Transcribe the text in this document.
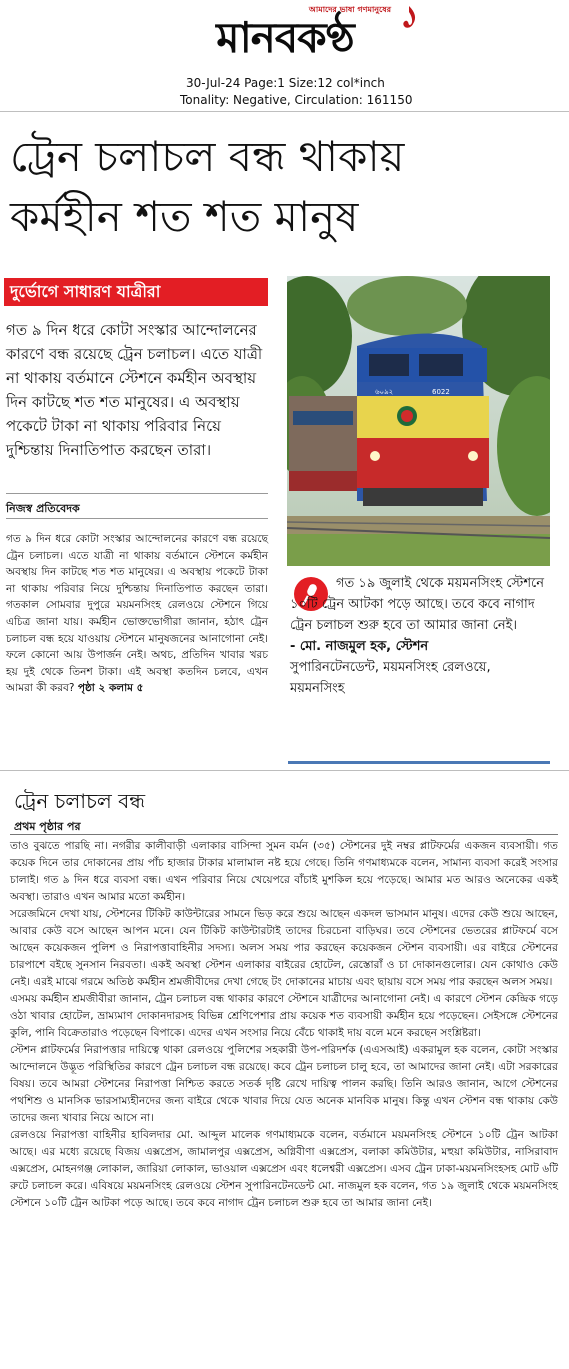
আমাদের ভাষা গণমানুষের
মানবকণ্ঠ
30-Jul-24 Page:1 Size:12 col*inch
Tonality: Negative, Circulation: 161150
ট্রেন চলাচল বন্ধ থাকায়
কর্মহীন শত শত মানুষ
দুর্ভোগে সাধারণ যাত্রীরা
গত ৯ দিন ধরে কোটা সংস্কার আন্দোলনের কারণে বন্ধ রয়েছে ট্রেন চলাচল। এতে যাত্রী না থাকায় বর্তমানে স্টেশনে কর্মহীন অবস্থায় দিন কাটছে শত শত মানুষের। এ অবস্থায় পকেটে টাকা না থাকায় পরিবার নিয়ে দুশ্চিন্তায় দিনাতিপাত করছেন তারা।
নিজস্ব প্রতিবেদক
গত ৯ দিন ধরে কোটা সংস্কার আন্দোলনের কারণে বন্ধ রয়েছে ট্রেন চলাচল। এতে যাত্রী না থাকায় বর্তমানে স্টেশনে কর্মহীন অবস্থায় দিন কাটছে শত শত মানুষের। এ অবস্থায় পকেটে টাকা না থাকায় পরিবার নিয়ে দুশ্চিন্তায় দিনাতিপাত করছেন তারা। গতকাল সোমবার দুপুরে ময়মনসিংহ রেলওয়ে স্টেশনে গিয়ে এচিত্র জানা যায়। কর্মহীন ভোক্তভোগীরা জানান, হঠাৎ ট্রেন চলাচল বন্ধ হয়ে যাওয়ায় স্টেশনে মানুষজনের আনাগোনা নেই। ফলে কোনো আয় উপার্জন নেই। অথচ, প্রতিদিন খাবার খরচ হয় দুই থেকে তিনশ টাকা। এই অবস্থা কতদিন চলবে, এখন আমরা কী করব? পৃষ্ঠা ২ কলাম ৫
৬০৯২	6022
গত ১৯ জুলাই থেকে ময়মনসিংহ স্টেশনে ১০টি ট্রেন আটকা পড়ে আছে। তবে কবে নাগাদ ট্রেন চলাচল শুরু হবে তা আমার জানা নেই।
- মো. নাজমুল হক, স্টেশন
সুপারিনটেনডেন্ট, ময়মনসিংহ রেলওয়ে, ময়মনসিংহ
ট্রেন চলাচল বন্ধ
প্রথম পৃষ্ঠার পর

তাও বুঝতে পারছি না। নগরীর কালীবাড়ী এলাকার বাসিন্দা সুমন বর্মন (৩৫) স্টেশনের দুই নম্বর প্লাটফর্মের একজন ব্যবসায়ী। গত কয়েক দিনে তার দোকানের প্রায় পাঁচ হাজার টাকার মালামাল নষ্ট হয়ে গেছে। তিনি গণমাধ্যমকে বলেন, সামান্য ব্যবসা করেই সংসার চালাই। গত ৯ দিন ধরে ব্যবসা বন্ধ। এখন পরিবার নিয়ে খেয়েপরে বাঁচাই মুশকিল হয়ে পড়েছে। আমার মত আরও অনেকের একই অবস্থা। তারাও এখন আমার মতো কর্মহীন।

সরেজমিনে দেখা যায়, স্টেশনের টিকিট কাউন্টারের সামনে ভিড় করে শুয়ে আছেন একদল ভাসমান মানুষ। এদের কেউ শুয়ে আছেন, আবার কেউ বসে আছেন আপন মনে। যেন টিকিট কাউন্টারটাই তাদের চিরচেনা বাড়িঘর। তবে স্টেশনের ভেতরের প্লাটফর্মে বসে আছেন কয়েকজন পুলিশ ও নিরাপত্তাবাহিনীর সদস্য। অলস সময় পার করছেন কয়েকজন স্টেশন ব্যবসায়ী। এর বাইরে স্টেশনের চারপাশে বইছে সুনসান নিরবতা। একই অবস্থা স্টেশন এলাকার বাইরের হোটেল, রেস্তোরাঁ ও চা দোকানগুলোর। যেন কোথাও কেউ নেই। এরই মাঝে গরমে অতিষ্ঠ কর্মহীন শ্রমজীবীদের দেখা গেছে টং দোকানের মাচায় এবং ছায়ায় বসে সময় পার করছেন অলস সময়।

এসময় কর্মহীন শ্রমজীবীরা জানান, ট্রেন চলাচল বন্ধ থাকার কারণে স্টেশনে যাত্রীদের আনাগোনা নেই। এ কারণে স্টেশন কেন্দ্রিক গড়ে ওঠা খাবার হোটেল, ভ্রাম্যমাণ দোকানদারসহ বিভিন্ন শ্রেণিপেশার প্রায় কয়েক শত ব্যবসায়ী কর্মহীন হয়ে পড়েছেন। সেইসঙ্গে স্টেশনের কুলি, পানি বিক্রেতারাও পড়েছেন বিপাকে। এদের এখন সংসার নিয়ে বেঁচে থাকাই দায় বলে মনে করছেন সংশ্লিষ্টরা।

স্টেশন প্লাটফর্মের নিরাপত্তার দায়িত্বে থাকা রেলওয়ে পুলিশের সহকারী উপ-পরিদর্শক (এএসআই) একরামুল হক বলেন, কোটা সংস্কার আন্দোলনে উদ্ভূত পরিস্থিতির কারণে ট্রেন চলাচল বন্ধ রয়েছে। কবে ট্রেন চলাচল চালু হবে, তা আমাদের জানা নেই। এটা সরকারের বিষয়। তবে আমরা স্টেশনের নিরাপত্তা নিশ্চিত করতে সতর্ক দৃষ্টি রেখে দায়িত্ব পালন করছি। তিনি আরও জানান, আগে স্টেশনের পথশিশু ও মানসিক ভারসাম্যহীনদের জন্য বাইরে থেকে খাবার দিয়ে যেত অনেক মানবিক মানুষ। কিন্তু এখন স্টেশন বন্ধ থাকায় কেউ তাদের জন্য খাবার নিয়ে আসে না।

রেলওয়ে নিরাপত্তা বাহিনীর হাবিলদার মো. আব্দুল মালেক গণমাধ্যমকে বলেন, বর্তমানে ময়মনসিংহ স্টেশনে ১০টি ট্রেন আটকা আছে। এর মধ্যে রয়েছে বিজয় এক্সপ্রেস, জামালপুর এক্সপ্রেস, অগ্নিবীণা এক্সপ্রেস, বলাকা কমিউটার, মহুয়া কমিউটার, নাসিরাবাদ এক্সপ্রেস, মোহনগঞ্জ লোকাল, জারিয়া লোকাল, ভাওয়াল এক্সপ্রেস এবং ধলেশ্বরী এক্সপ্রেস। এসব ট্রেন ঢাকা-ময়মনসিংহসহ মোট ৬টি রুটে চলাচল করে। এবিষয়ে ময়মনসিংহ রেলওয়ে স্টেশন সুপারিনটেনডেন্ট মো. নাজমুল হক বলেন, গত ১৯ জুলাই থেকে ময়মনসিংহ স্টেশনে ১০টি ট্রেন আটকা পড়ে আছে। তবে কবে নাগাদ ট্রেন চলাচল শুরু হবে তা আমার জানা নেই।
